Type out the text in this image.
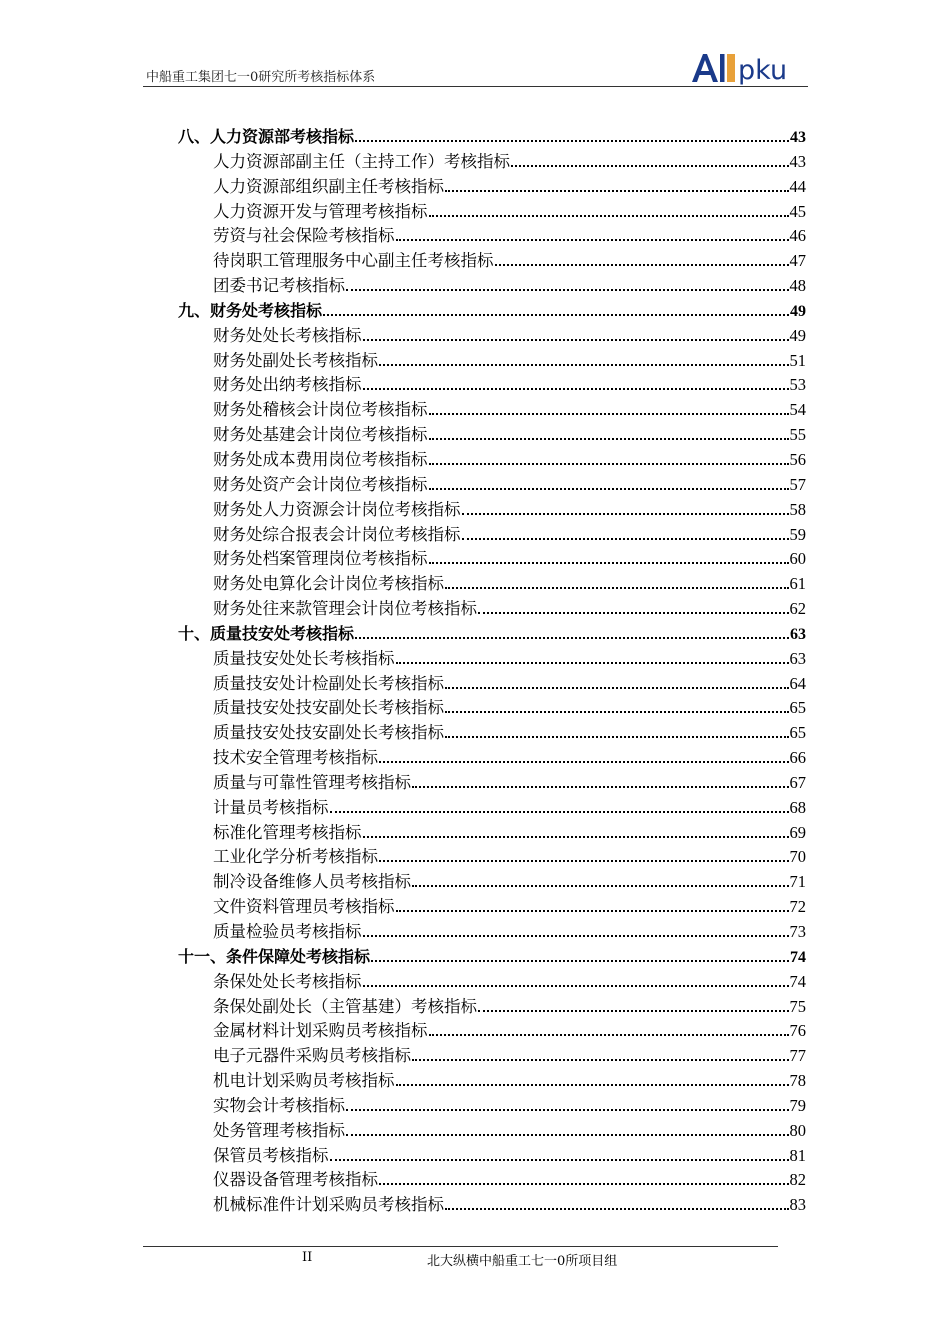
中船重工集团七一0研究所考核指标体系	pku
八、人力资源部考核指标	43
人力资源部副主任（主持工作）考核指标	43
人力资源部组织副主任考核指标	44
人力资源开发与管理考核指标	45
劳资与社会保险考核指标	46
待岗职工管理服务中心副主任考核指标	47
团委书记考核指标	48
九、财务处考核指标	49
财务处处长考核指标	49
财务处副处长考核指标	51
财务处出纳考核指标	53
财务处稽核会计岗位考核指标	54
财务处基建会计岗位考核指标	55
财务处成本费用岗位考核指标	56
财务处资产会计岗位考核指标	57
财务处人力资源会计岗位考核指标	58
财务处综合报表会计岗位考核指标	59
财务处档案管理岗位考核指标	60
财务处电算化会计岗位考核指标	61
财务处往来款管理会计岗位考核指标	62
十、质量技安处考核指标	63
质量技安处处长考核指标	63
质量技安处计检副处长考核指标	64
质量技安处技安副处长考核指标	65
质量技安处技安副处长考核指标	65
技术安全管理考核指标	66
质量与可靠性管理考核指标	67
计量员考核指标	68
标准化管理考核指标	69
工业化学分析考核指标	70
制冷设备维修人员考核指标	71
文件资料管理员考核指标	72
质量检验员考核指标	73
十一、条件保障处考核指标	74
条保处处长考核指标	74
条保处副处长（主管基建）考核指标	75
金属材料计划采购员考核指标	76
电子元器件采购员考核指标	77
机电计划采购员考核指标	78
实物会计考核指标	79
处务管理考核指标	80
保管员考核指标	81
仪器设备管理考核指标	82
机械标准件计划采购员考核指标	83
II	北大纵横中船重工七一0所项目组
